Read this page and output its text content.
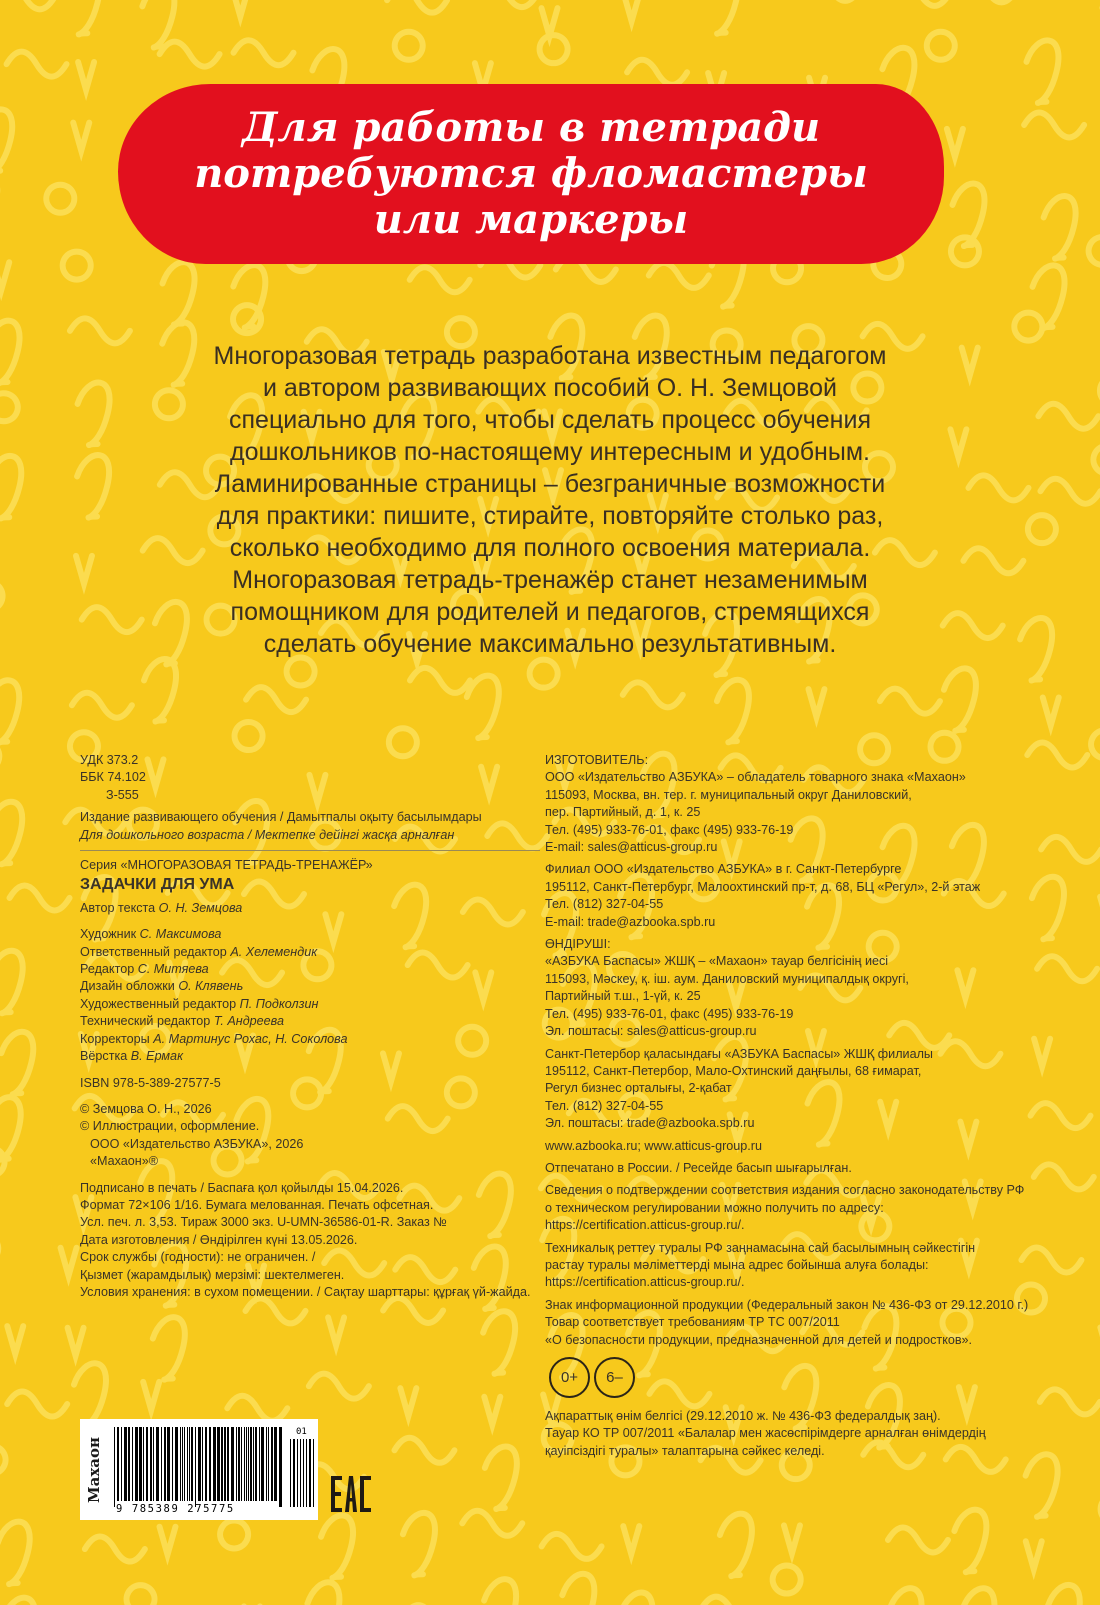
Для работы в тетради
потребуются фломастеры
или маркеры

Многоразовая тетрадь разработана известным педагогом
и автором развивающих пособий О. Н. Земцовой
специально для того, чтобы сделать процесс обучения
дошкольников по-настоящему интересным и удобным.
Ламинированные страницы – безграничные возможности
для практики: пишите, стирайте, повторяйте столько раз,
сколько необходимо для полного освоения материала.
Многоразовая тетрадь-тренажёр станет незаменимым
помощником для родителей и педагогов, стремящихся
сделать обучение максимально результативным.
УДК 373.2
ББК 74.102
З-555
Издание развивающего обучения / Дамытпалы оқыту басылымдары
Для дошкольного возраста / Мектепке дейінгі жасқа арналған
Серия «МНОГОРАЗОВАЯ ТЕТРАДЬ-ТРЕНАЖЁР»
ЗАДАЧКИ ДЛЯ УМА
Автор текста О. Н. Земцова
Художник С. Максимова
Ответственный редактор А. Хелемендик
Редактор С. Митяева
Дизайн обложки О. Клявень
Художественный редактор П. Подколзин
Технический редактор Т. Андреева
Корректоры А. Мартинус Рохас, Н. Соколова
Вёрстка В. Ермак
ISBN 978-5-389-27577-5
© Земцова О. Н., 2026
© Иллюстрации, оформление.
ООО «Издательство АЗБУКА», 2026
«Махаон»®
Подписано в печать / Баспаға қол қойылды 15.04.2026.
Формат 72×106 1/16. Бумага мелованная. Печать офсетная.
Усл. печ. л. 3,53. Тираж 3000 экз. U-UMN-36586-01-R. Заказ №
Дата изготовления / Өндірілген күні 13.05.2026.
Срок службы (годности): не ограничен. /
Қызмет (жарамдылық) мерзімі: шектелмеген.
Условия хранения: в сухом помещении. / Сақтау шарттары: құрғақ үй-жайда.
ИЗГОТОВИТЕЛЬ:
ООО «Издательство АЗБУКА» – обладатель товарного знака «Махаон»
115093, Москва, вн. тер. г. муниципальный округ Даниловский,
пер. Партийный, д. 1, к. 25
Тел. (495) 933-76-01, факс (495) 933-76-19
E-mail: sales@atticus-group.ru
Филиал ООО «Издательство АЗБУКА» в г. Санкт-Петербурге
195112, Санкт-Петербург, Малоохтинский пр-т, д. 68, БЦ «Регул», 2-й этаж
Тел. (812) 327-04-55
E-mail: trade@azbooka.spb.ru
ӨНДІРУШІ:
«АЗБУКА Баспасы» ЖШҚ – «Махаон» тауар белгісінің иесі
115093, Мәскеу, қ. іш. аум. Даниловский муниципалдық округі,
Партийный т.ш., 1-үй, к. 25
Тел. (495) 933-76-01, факс (495) 933-76-19
Эл. поштасы: sales@atticus-group.ru
Санкт-Петербор қаласындағы «АЗБУКА Баспасы» ЖШҚ филиалы
195112, Санкт-Петербор, Мало-Охтинский даңғылы, 68 ғимарат,
Регул бизнес орталығы, 2-қабат
Тел. (812) 327-04-55
Эл. поштасы: trade@azbooka.spb.ru
www.azbooka.ru; www.atticus-group.ru
Отпечатано в России. / Ресейде басып шығарылған.
Сведения о подтверждении соответствия издания согласно законодательству РФ
о техническом регулировании можно получить по адресу:
https://certification.atticus-group.ru/.
Техникалық реттеу туралы РФ заңнамасына сай басылымның сәйкестігін
растау туралы мәліметтерді мына адрес бойынша алуға болады:
https://certification.atticus-group.ru/.
Знак информационной продукции (Федеральный закон № 436-ФЗ от 29.12.2010 г.)
Товар соответствует требованиям ТР ТС 007/2011
«О безопасности продукции, предназначенной для детей и подростков».
0+	6–
Ақпараттық өнім белгісі (29.12.2010 ж. № 436-ФЗ федералдық заң).
Тауар КО ТР 007/2011 «Балалар мен жасөспірімдерге арналған өнімдердің
қауіпсіздігі туралы» талаптарына сәйкес келеді.
Махаон
9 785389 275775
01
